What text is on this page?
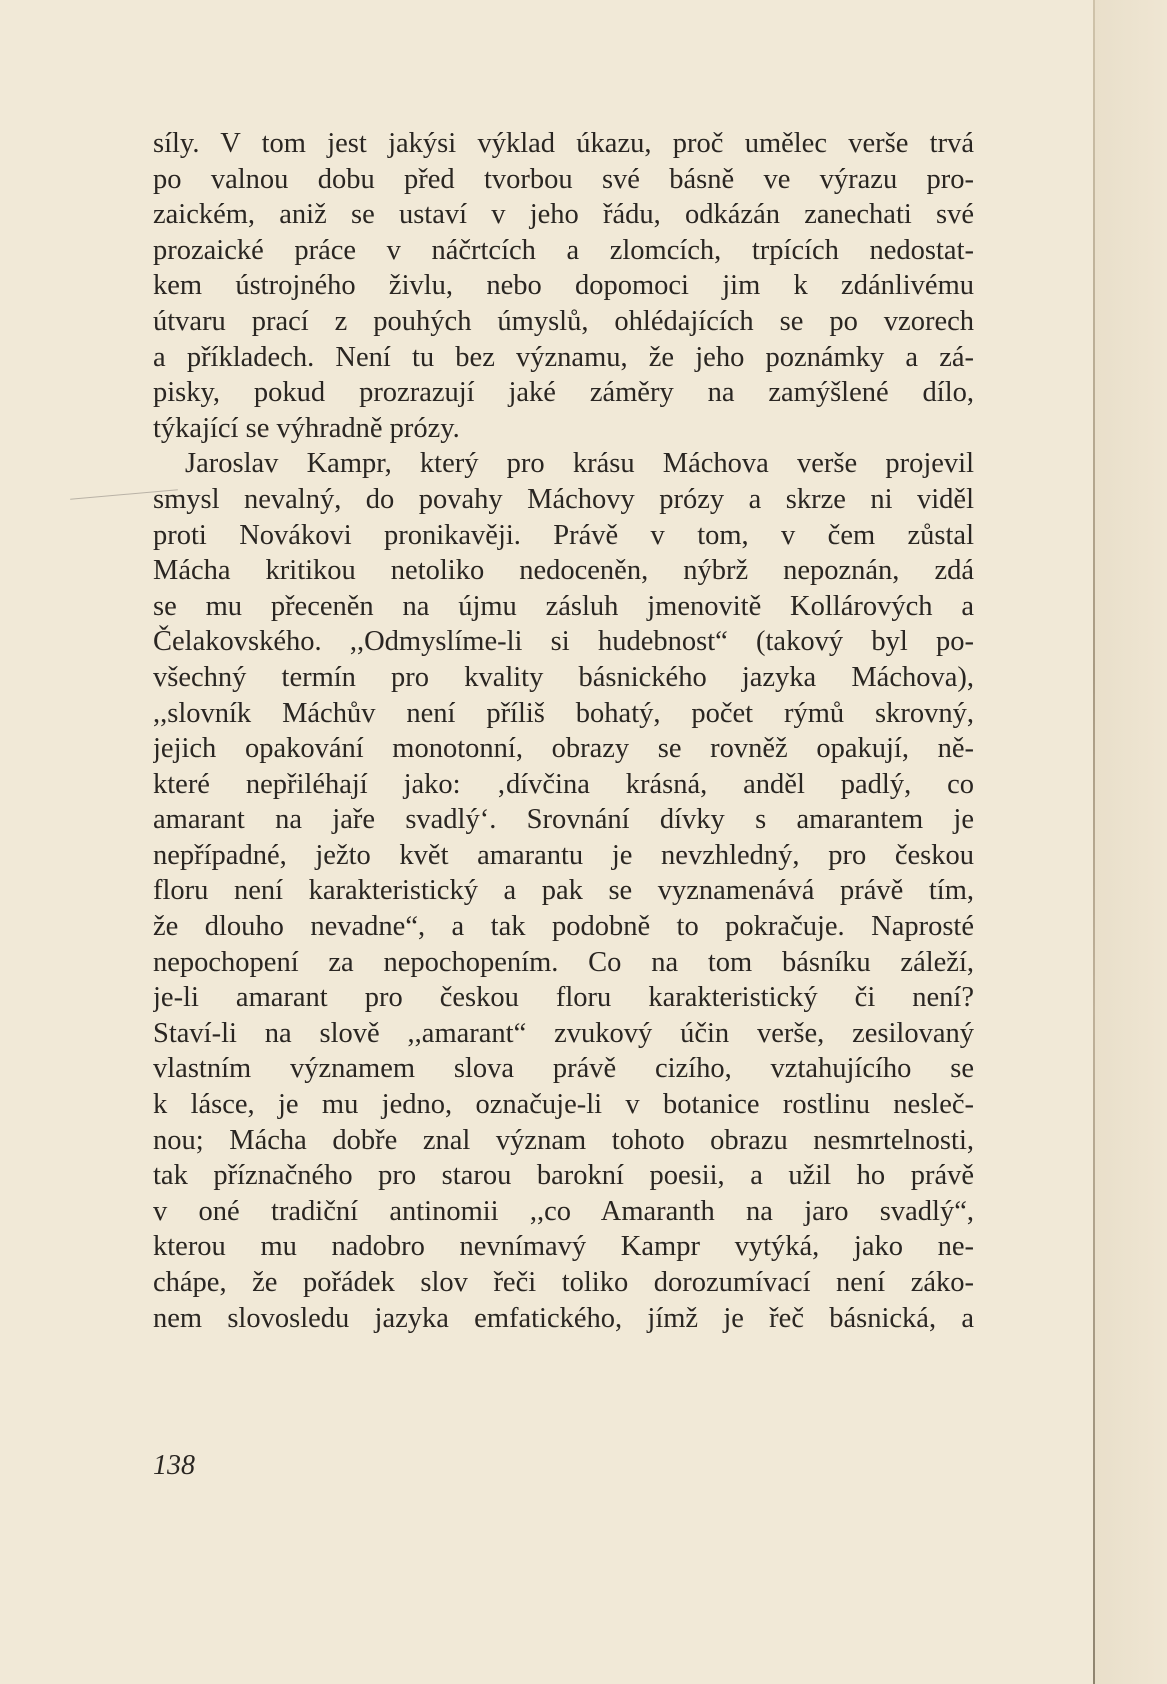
síly. V tom jest jakýsi výklad úkazu, proč umělec verše trvá
po valnou dobu před tvorbou své básně ve výrazu pro-
zaickém, aniž se ustaví v jeho řádu, odkázán zanechati své
prozaické práce v náčrtcích a zlomcích, trpících nedostat-
kem ústrojného živlu, nebo dopomoci jim k zdánlivému
útvaru prací z pouhých úmyslů, ohlédajících se po vzorech
a příkladech. Není tu bez významu, že jeho poznámky a zá-
pisky, pokud prozrazují jaké záměry na zamýšlené dílo,
týkající se výhradně prózy.
Jaroslav Kampr, který pro krásu Máchova verše projevil
smysl nevalný, do povahy Máchovy prózy a skrze ni viděl
proti Novákovi pronikavěji. Právě v tom, v čem zůstal
Mácha kritikou netoliko nedoceněn, nýbrž nepoznán, zdá
se mu přeceněn na újmu zásluh jmenovitě Kollárových a
Čelakovského. ,,Odmyslíme-li si hudebnost“ (takový byl po-
všechný termín pro kvality básnického jazyka Máchova),
,,slovník Máchův není příliš bohatý, počet rýmů skrovný,
jejich opakování monotonní, obrazy se rovněž opakují, ně-
které nepřiléhají jako: ‚dívčina krásná, anděl padlý, co
amarant na jaře svadlý‘. Srovnání dívky s amarantem je
nepřípadné, ježto květ amarantu je nevzhledný, pro českou
floru není karakteristický a pak se vyznamenává právě tím,
že dlouho nevadne“, a tak podobně to pokračuje. Naprosté
nepochopení za nepochopením. Co na tom básníku záleží,
je-li amarant pro českou floru karakteristický či není?
Staví-li na slově ,,amarant“ zvukový účin verše, zesilovaný
vlastním významem slova právě cizího, vztahujícího se
k lásce, je mu jedno, označuje-li v botanice rostlinu nesleč-
nou; Mácha dobře znal význam tohoto obrazu nesmrtelnosti,
tak příznačného pro starou barokní poesii, a užil ho právě
v oné tradiční antinomii ,,co Amaranth na jaro svadlý“,
kterou mu nadobro nevnímavý Kampr vytýká, jako ne-
chápe, že pořádek slov řeči toliko dorozumívací není záko-
nem slovosledu jazyka emfatického, jímž je řeč básnická, a
138
